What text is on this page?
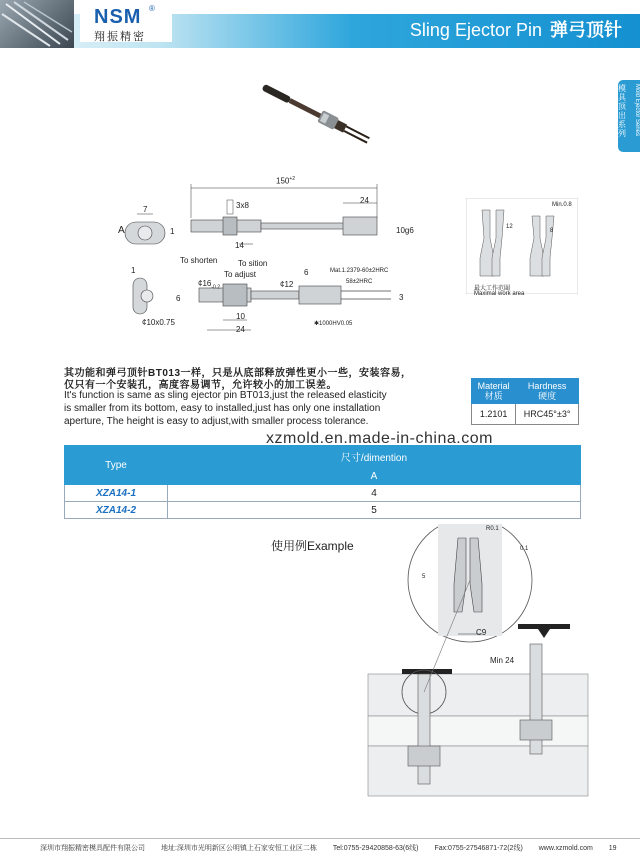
NSM ®
翔振精密	Sling Ejector Pin 弹弓顶针
模具顶出系列	Mold Ejector Series
$150^{+2}$
24
7
A	1
3x8
14
10g6
To shorten	To sition
To adjust
1
6
$¢16_{-0.2}$	¢12
6	Mat.1.2379-60±2HRC
58±2HRC
3
10
24
✱1000HV0.05
¢10x0.75
Min.0.8
12
8
最大工作范圍
Maximal work area
其功能和弹弓顶针BT013一样，只是从底部释放弹性更小一些，安装容易，
仅只有一个安装孔，高度容易调节，允许较小的加工误差。
It's function is same as sling ejector pin BT013,just the released elasticity
is smaller from its bottom, easy to installed,just has only one installation
aperture, The height is easy to adjust,with smaller process tolerance.
Material
材质	Hardness
硬度
1.2101	HRC45°±3°
Type	尺寸/dimention
	A
XZA14-1	4
XZA14-2	5
xzmold.en.made-in-china.com
使用例Example
R0.1
0.1
5
C9
Min 24
深圳市翔振精密模具配件有限公司 地址:深圳市光明新区公明镇上石家安恒工业区二栋 Tel:0755-29420858-63(6线) Fax:0755-27546871-72(2线) www.xzmold.com 19
